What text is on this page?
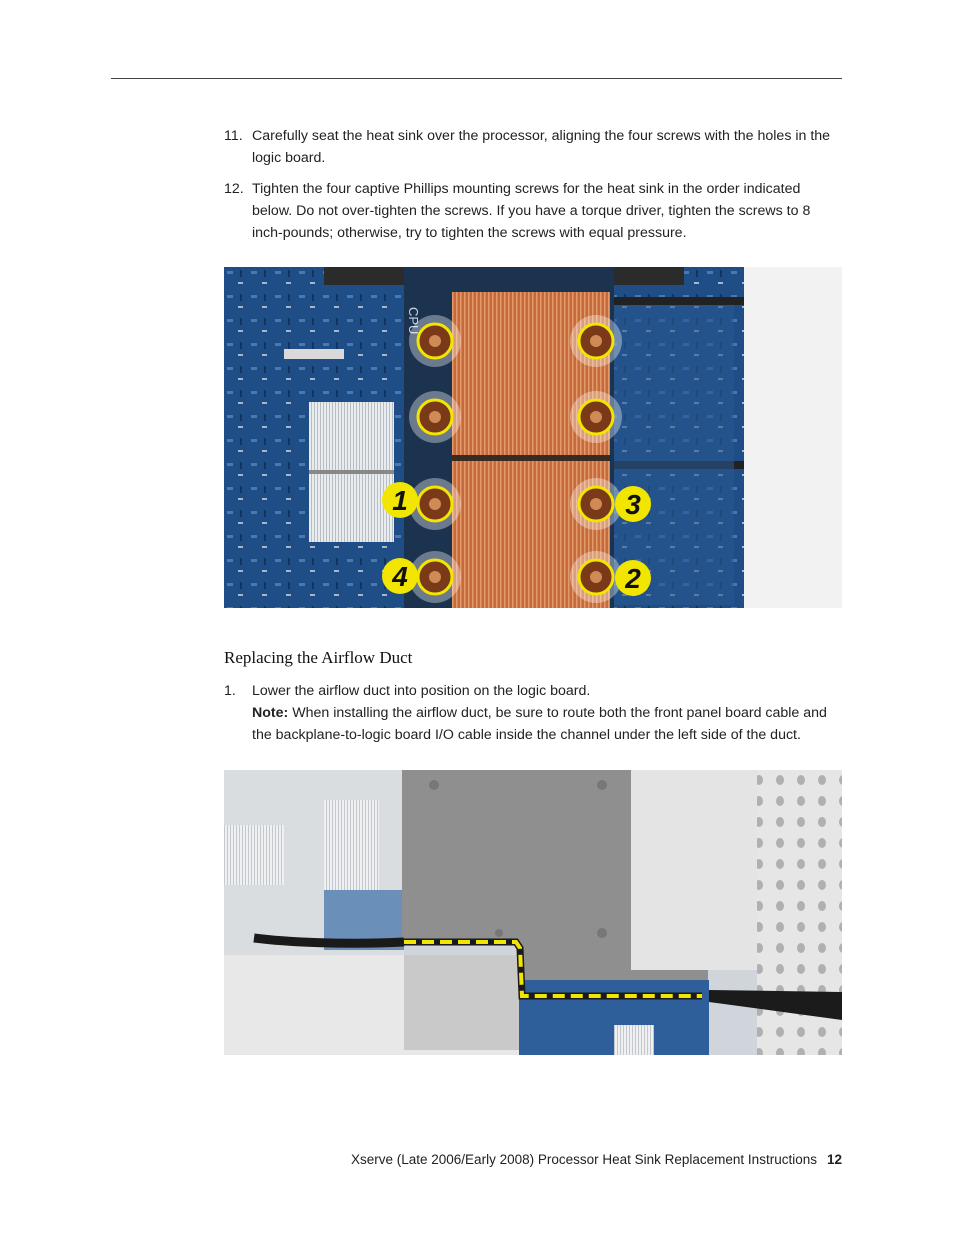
11. Carefully seat the heat sink over the processor, aligning the four screws with the holes in the logic board.
12. Tighten the four captive Phillips mounting screws for the heat sink in the order indicated below. Do not over-tighten the screws. If you have a torque driver, tighten the screws to 8 inch-pounds; otherwise, try to tighten the screws with equal pressure.
CPU
1	3
4	2
Replacing the Airflow Duct
1.	Lower the airflow duct into position on the logic board.
Note: When installing the airflow duct, be sure to route both the front panel board cable and the backplane-to-logic board I/O cable inside the channel under the left side of the duct.
Xserve (Late 2006/Early 2008) Processor Heat Sink Replacement Instructions 12
